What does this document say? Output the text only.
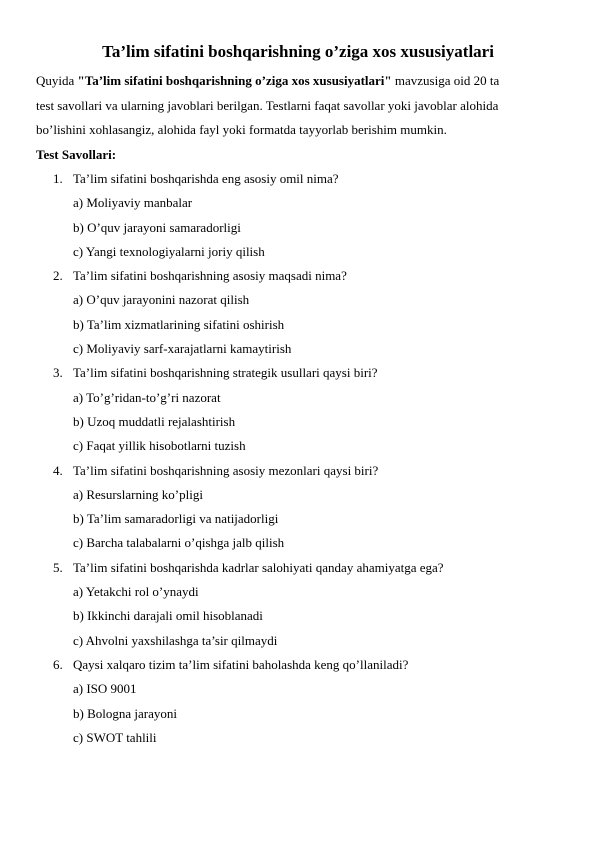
Ta’lim sifatini boshqarishning o’ziga xos xususiyatlari

Quyida "Ta’lim sifatini boshqarishning o’ziga xos xususiyatlari" mavzusiga oid 20 ta
test savollari va ularning javoblari berilgan. Testlarni faqat savollar yoki javoblar alohida
bo’lishini xohlasangiz, alohida fayl yoki formatda tayyorlab berishim mumkin.

Test Savollari:

1. Ta’lim sifatini boshqarishda eng asosiy omil nima?
a) Moliyaviy manbalar
b) O’quv jarayoni samaradorligi
c) Yangi texnologiyalarni joriy qilish
2. Ta’lim sifatini boshqarishning asosiy maqsadi nima?
a) O’quv jarayonini nazorat qilish
b) Ta’lim xizmatlarining sifatini oshirish
c) Moliyaviy sarf-xarajatlarni kamaytirish
3. Ta’lim sifatini boshqarishning strategik usullari qaysi biri?
a) To’g’ridan-to’g’ri nazorat
b) Uzoq muddatli rejalashtirish
c) Faqat yillik hisobotlarni tuzish
4. Ta’lim sifatini boshqarishning asosiy mezonlari qaysi biri?
a) Resurslarning ko’pligi
b) Ta’lim samaradorligi va natijadorligi
c) Barcha talabalarni o’qishga jalb qilish
5. Ta’lim sifatini boshqarishda kadrlar salohiyati qanday ahamiyatga ega?
a) Yetakchi rol o’ynaydi
b) Ikkinchi darajali omil hisoblanadi
c) Ahvolni yaxshilashga ta’sir qilmaydi
6. Qaysi xalqaro tizim ta’lim sifatini baholashda keng qo’llaniladi?
a) ISO 9001
b) Bologna jarayoni
c) SWOT tahlili
